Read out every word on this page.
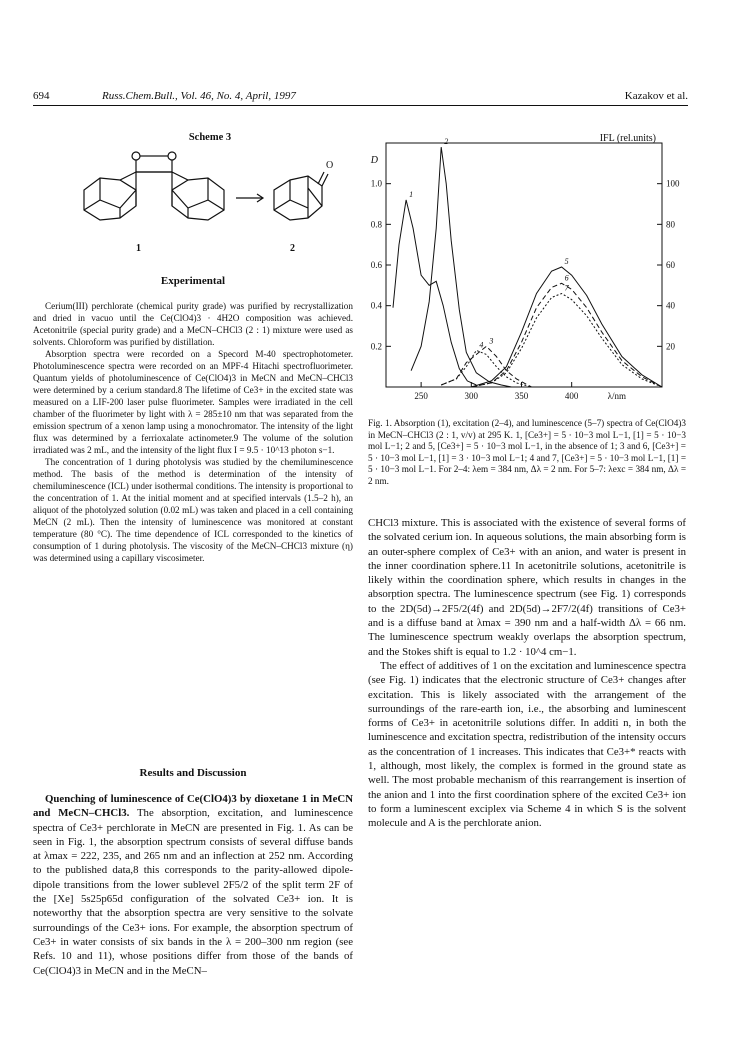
694	Russ.Chem.Bull., Vol. 46, No. 4, April, 1997	Kazakov et al.
Scheme 3
O
1	2
Experimental

Cerium(III) perchlorate (chemical purity grade) was purified by recrystallization and dried in vacuo until the Ce(ClO4)3 · 4H2O composition was achieved. Acetonitrile (special purity grade) and a MeCN–CHCl3 (2 : 1) mixture were used as solvents. Chloroform was purified by distillation.

Absorption spectra were recorded on a Specord M-40 spectrophotometer. Photoluminescence spectra were recorded on an MPF-4 Hitachi spectrofluorimeter. Quantum yields of photoluminescence of Ce(ClO4)3 in MeCN and MeCN–CHCl3 were determined by a cerium standard.8 The lifetime of Ce3+ in the excited state was measured on a LIF-200 laser pulse fluorimeter. Samples were irradiated in the cell chamber of the fluorimeter by light with λ = 285±10 nm that was separated from the emission spectrum of a xenon lamp using a monochromator. The intensity of the light flux was determined by a ferrioxalate actinometer.9 The volume of the solution irradiated was 2 mL, and the intensity of the light flux I = 9.5 · 10^13 photon s−1.

The concentration of 1 during photolysis was studied by the chemiluminescence method. The basis of the method is determination of the intensity of chemiluminescence (ICL) under isothermal conditions. The intensity is proportional to the concentration of 1. At the initial moment and at specified intervals (1.5–2 h), an aliquot of the photolyzed solution (0.02 mL) was taken and placed in a cell containing MeCN (2 mL). Then the intensity of luminescence was monitored at constant temperature (80 °C). The time dependence of ICL corresponded to the kinetics of consumption of 1 during photolysis. The viscosity of the MeCN–CHCl3 mixture (η) was determined using a capillary viscosimeter.

Results and Discussion

Quenching of luminescence of Ce(ClO4)3 by dioxetane 1 in MeCN and MeCN–CHCl3. The absorption, excitation, and luminescence spectra of Ce3+ perchlorate in MeCN are presented in Fig. 1. As can be seen in Fig. 1, the absorption spectrum consists of several diffuse bands at λmax = 222, 235, and 265 nm and an inflection at 252 nm. According to the published data,8 this corresponds to the parity-allowed dipole-dipole transitions from the lower sublevel 2F5/2 of the split term 2F of the [Xe] 5s25p65d configuration of the solvated Ce3+ ion. It is noteworthy that the absorption spectra are very sensitive to the solvate surroundings of the Ce3+ ions. For example, the absorption spectrum of Ce3+ in water consists of six bands in the λ = 200–300 nm region (see Refs. 10 and 11), whose positions differ from those of the bands of Ce(ClO4)3 in MeCN and in the MeCN–

250	300	350	400
0.2
0.4
0.6
0.8
1.0
20
40
60
80
100
D
IFL (rel.units)
λ/nm
1
2
3
4
5
6
7
Fig. 1. Absorption (1), excitation (2–4), and luminescence (5–7) spectra of Ce(ClO4)3 in MeCN–CHCl3 (2 : 1, v/v) at 295 K. 1, [Ce3+] = 5 · 10−3 mol L−1, [1] = 5 · 10−3 mol L−1; 2 and 5, [Ce3+] = 5 · 10−3 mol L−1, in the absence of 1; 3 and 6, [Ce3+] = 5 · 10−3 mol L−1, [1] = 3 · 10−3 mol L−1; 4 and 7, [Ce3+] = 5 · 10−3 mol L−1, [1] = 5 · 10−3 mol L−1. For 2–4: λem = 384 nm, Δλ = 2 nm. For 5–7: λexc = 384 nm, Δλ = 2 nm.

CHCl3 mixture. This is associated with the existence of several forms of the solvated cerium ion. In aqueous solutions, the main absorbing form is an outer-sphere complex of Ce3+ with an anion, and water is present in the inner coordination sphere.11 In acetonitrile solutions, acetonitrile is likely within the coordination sphere, which results in changes in the absorption spectra. The luminescence spectrum (see Fig. 1) corresponds to the 2D(5d)→2F5/2(4f) and 2D(5d)→2F7/2(4f) transitions of Ce3+ and is a diffuse band at λmax = 390 nm and a half-width Δλ = 66 nm. The luminescence spectrum weakly overlaps the absorption spectrum, and the Stokes shift is equal to 1.2 · 10^4 cm−1.

The effect of additives of 1 on the excitation and luminescence spectra (see Fig. 1) indicates that the electronic structure of Ce3+ changes after excitation. This is likely associated with the arrangement of the surroundings of the rare-earth ion, i.e., the absorbing and luminescent forms of Ce3+ in acetonitrile solutions differ. In additi n, in both the luminescence and excitation spectra, redistribution of the intensity occurs as the concentration of 1 increases. This indicates that Ce3+* reacts with 1, although, most likely, the complex is formed in the ground state as well. The most probable mechanism of this rearrangement is insertion of the anion and 1 into the first coordination sphere of the excited Ce3+ ion to form a luminescent exciplex via Scheme 4 in which S is the solvent molecule and A is the perchlorate anion.
